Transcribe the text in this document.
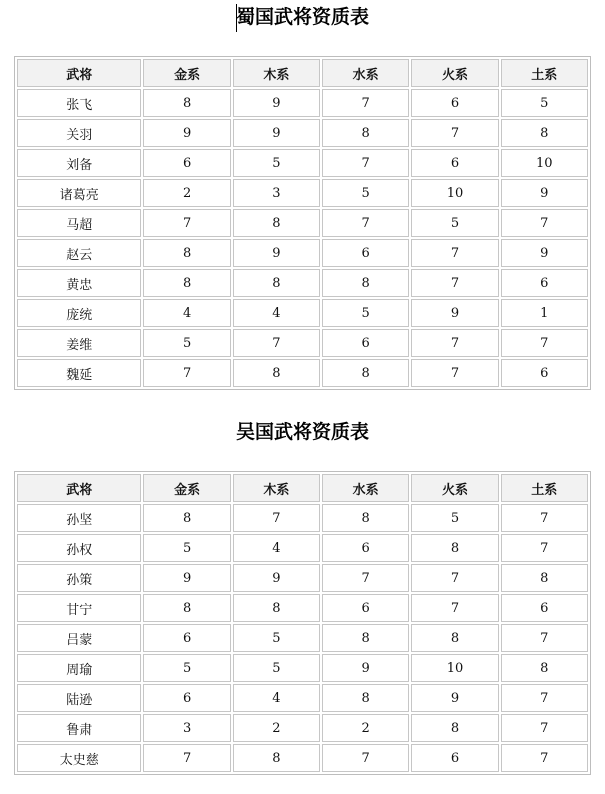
蜀国武将资质表
武将	金系	木系	水系	火系	土系
张飞	8	9	7	6	5
关羽	9	9	8	7	8
刘备	6	5	7	6	10
诸葛亮	2	3	5	10	9
马超	7	8	7	5	7
赵云	8	9	6	7	9
黄忠	8	8	8	7	6
庞统	4	4	5	9	1
姜维	5	7	6	7	7
魏延	7	8	8	7	6
吴国武将资质表
武将	金系	木系	水系	火系	土系
孙坚	8	7	8	5	7
孙权	5	4	6	8	7
孙策	9	9	7	7	8
甘宁	8	8	6	7	6
吕蒙	6	5	8	8	7
周瑜	5	5	9	10	8
陆逊	6	4	8	9	7
鲁肃	3	2	2	8	7
太史慈	7	8	7	6	7
